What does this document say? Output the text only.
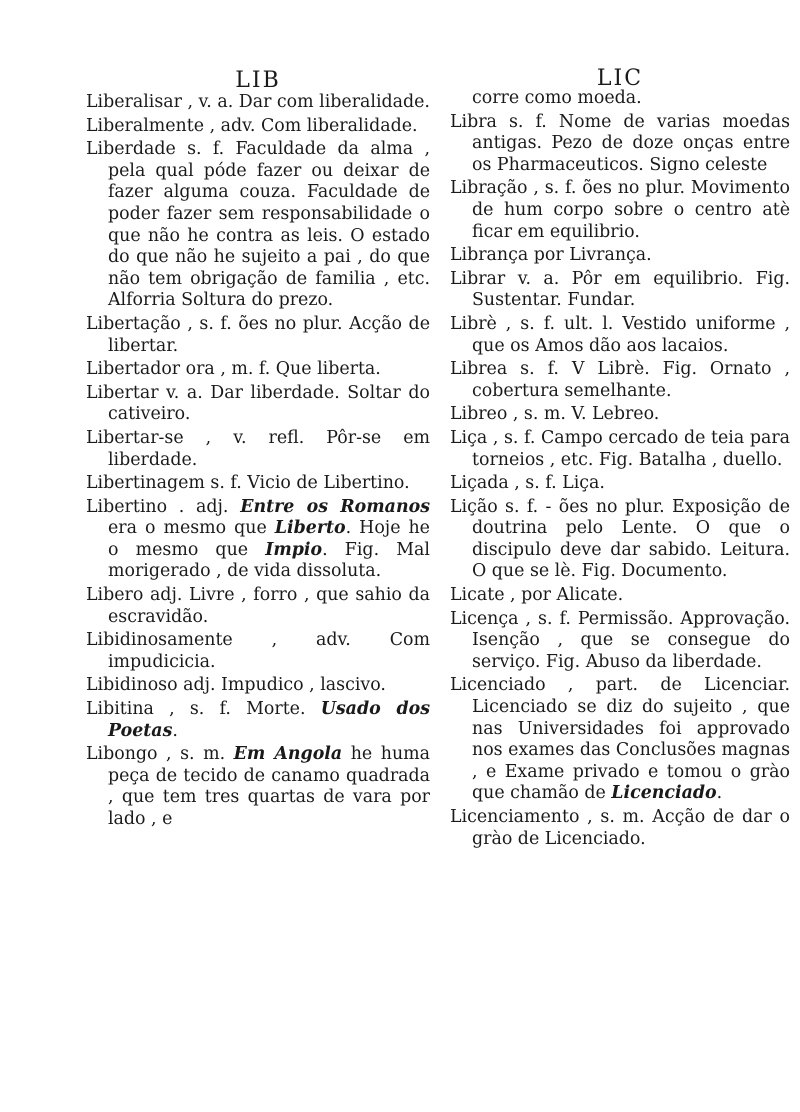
LIB

Liberalisar , v. a. Dar com liberalidade.

Liberalmente , adv. Com liberalidade.

Liberdade s. f. Faculdade da alma , pela qual póde fazer ou deixar de fazer alguma couza. Faculdade de poder fazer sem responsabilidade o que não he contra as leis. O estado do que não he sujeito a pai , do que não tem obrigação de familia , etc. Alforria Soltura do prezo.

Libertação , s. f. ões no plur. Acção de libertar.

Libertador ora , m. f. Que liberta.

Libertar v. a. Dar liberdade. Soltar do cativeiro.

Libertar-se , v. refl. Pôr-se em liberdade.

Libertinagem s. f. Vicio de Libertino.

Libertino . adj. Entre os Romanos era o mesmo que Liberto. Hoje he o mesmo que Impio. Fig. Mal morigerado , de vida dissoluta.

Libero adj. Livre , forro , que sahio da escravidão.

Libidinosamente , adv. Com impudicicia.

Libidinoso adj. Impudico , lascivo.

Libitina , s. f. Morte. Usado dos Poetas.

Libongo , s. m. Em Angola he huma peça de tecido de canamo quadrada , que tem tres quartas de vara por lado , e

LIC
corre como moeda.

Libra s. f. Nome de varias moedas antigas. Pezo de doze onças entre os Pharmaceuticos. Signo celeste

Libração , s. f. ões no plur. Movimento de hum corpo sobre o centro atè ficar em equilibrio.

Librança por Livrança.

Librar v. a. Pôr em equilibrio. Fig. Sustentar. Fundar.

Librè , s. f. ult. l. Vestido uniforme , que os Amos dão aos lacaios.

Librea s. f. V Librè. Fig. Ornato , cobertura semelhante.

Libreo , s. m. V. Lebreo.

Liça , s. f. Campo cercado de teia para torneios , etc. Fig. Batalha , duello.

Liçada , s. f. Liça.

Lição s. f. - ões no plur. Exposição de doutrina pelo Lente. O que o discipulo deve dar sabido. Leitura. O que se lè. Fig. Documento.

Licate , por Alicate.

Licença , s. f. Permissão. Approvação. Isenção , que se consegue do serviço. Fig. Abuso da liberdade.

Licenciado , part. de Licenciar. Licenciado se diz do sujeito , que nas Universidades foi approvado nos exames das Conclusões magnas , e Exame privado e tomou o grào que chamão de Licenciado.

Licenciamento , s. m. Acção de dar o grào de Licenciado.
